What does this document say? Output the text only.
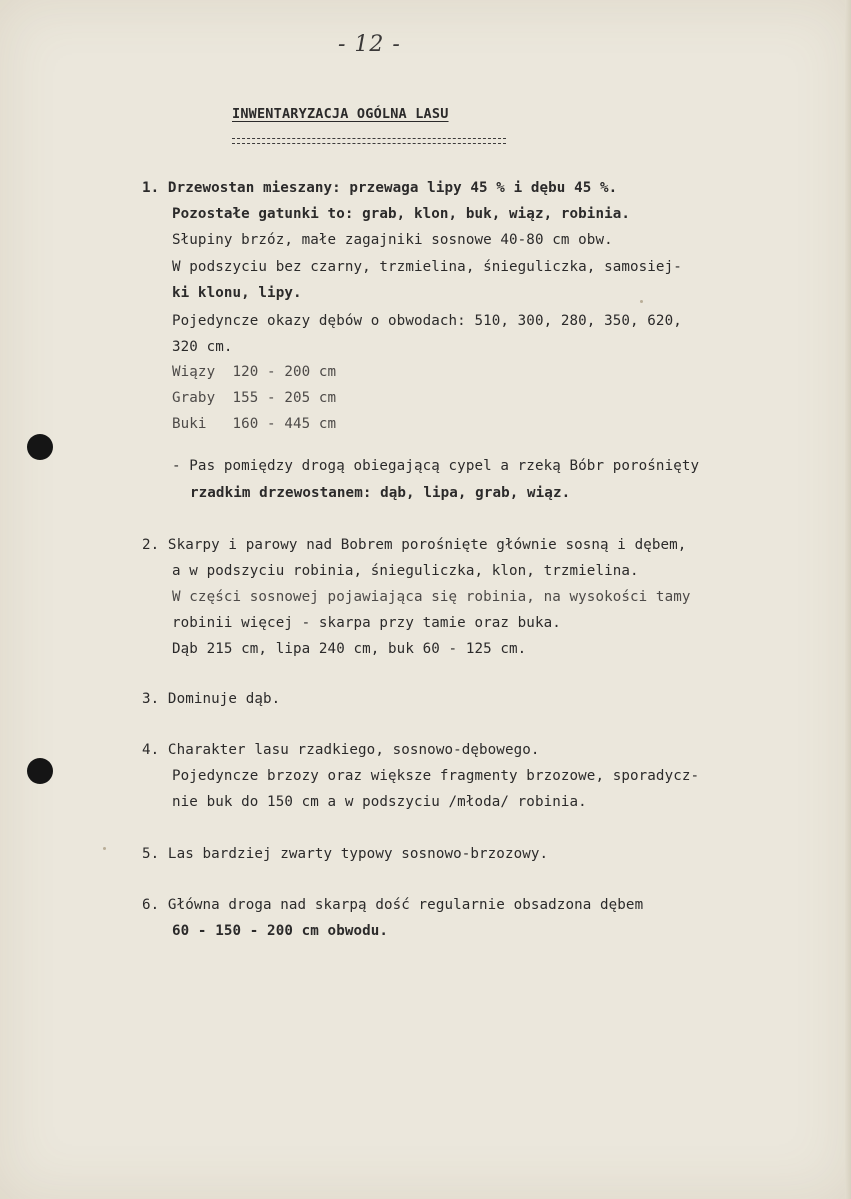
- 12 -
INWENTARYZACJA OGÓLNA LASU
1. Drzewostan mieszany: przewaga lipy 45 % i dębu 45 %.
Pozostałe gatunki to: grab, klon, buk, wiąz, robinia.
Słupiny brzóz, małe zagajniki sosnowe 40-80 cm obw.
W podszyciu bez czarny, trzmielina, śnieguliczka, samosiej-
ki klonu, lipy.
Pojedyncze okazy dębów o obwodach: 510, 300, 280, 350, 620,
320 cm.
Wiązy  120 - 200 cm
Graby  155 - 205 cm
Buki   160 - 445 cm
- Pas pomiędzy drogą obiegającą cypel a rzeką Bóbr porośnięty
rzadkim drzewostanem: dąb, lipa, grab, wiąz.
2. Skarpy i parowy nad Bobrem porośnięte głównie sosną i dębem,
a w podszyciu robinia, śnieguliczka, klon, trzmielina.
W części sosnowej pojawiająca się robinia, na wysokości tamy
robinii więcej - skarpa przy tamie oraz buka.
Dąb 215 cm, lipa 240 cm, buk 60 - 125 cm.
3. Dominuje dąb.
4. Charakter lasu rzadkiego, sosnowo-dębowego.
Pojedyncze brzozy oraz większe fragmenty brzozowe, sporadycz-
nie buk do 150 cm a w podszyciu /młoda/ robinia.
5. Las bardziej zwarty typowy sosnowo-brzozowy.
6. Główna droga nad skarpą dość regularnie obsadzona dębem
60 - 150 - 200 cm obwodu.
